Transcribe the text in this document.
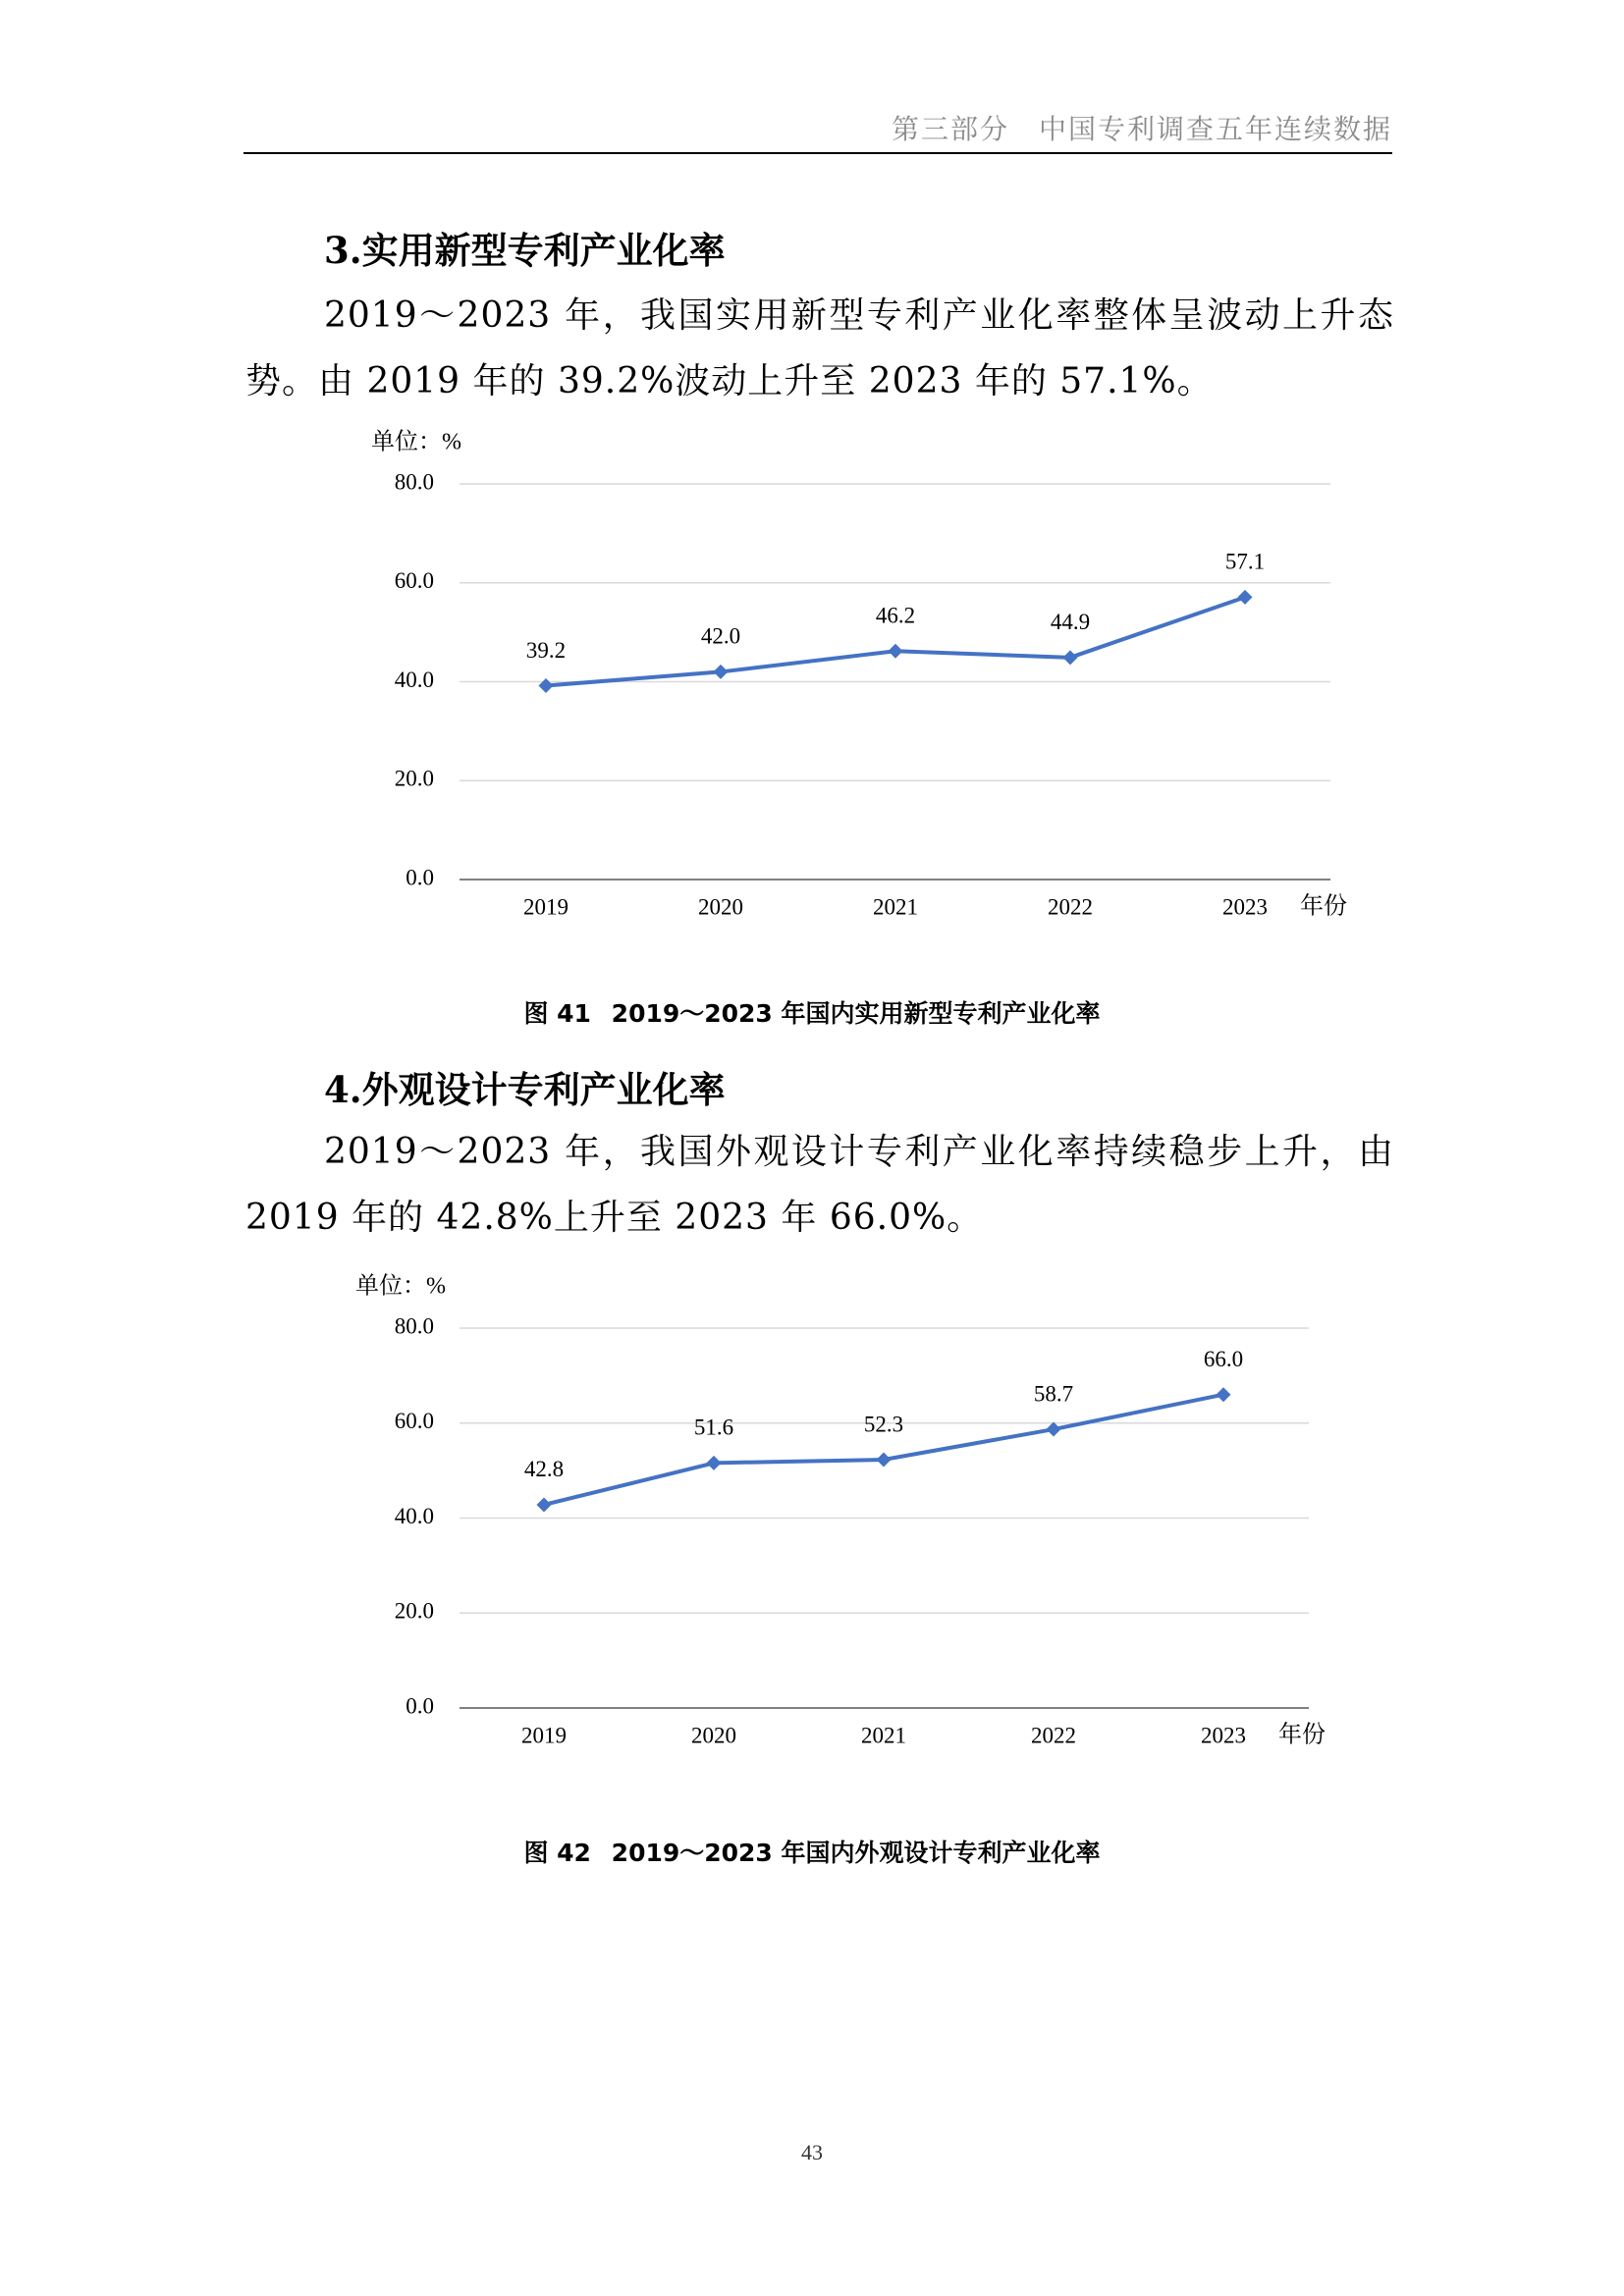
第三部分　中国专利调查五年连续数据
3.实用新型专利产业化率
2019～2023 年，我国实用新型专利产业化率整体呈波动上升态势。由 2019 年的 39.2%波动上升至 2023 年的 57.1%。
单位：%
0.0
20.0
40.0
60.0
80.0
2019	2020	2021	2022	2023 年份
39.2
42.0
46.2	44.9
57.1
图 41 2019～2023 年国内实用新型专利产业化率
4.外观设计专利产业化率
2019～2023 年，我国外观设计专利产业化率持续稳步上升，由 2019 年的 42.8%上升至 2023 年 66.0%。
单位：%
0.0
20.0
40.0
60.0
80.0
2019	2020	2021	2022	2023 年份
42.8
51.6	52.3
58.7
66.0
图 42 2019～2023 年国内外观设计专利产业化率
43
